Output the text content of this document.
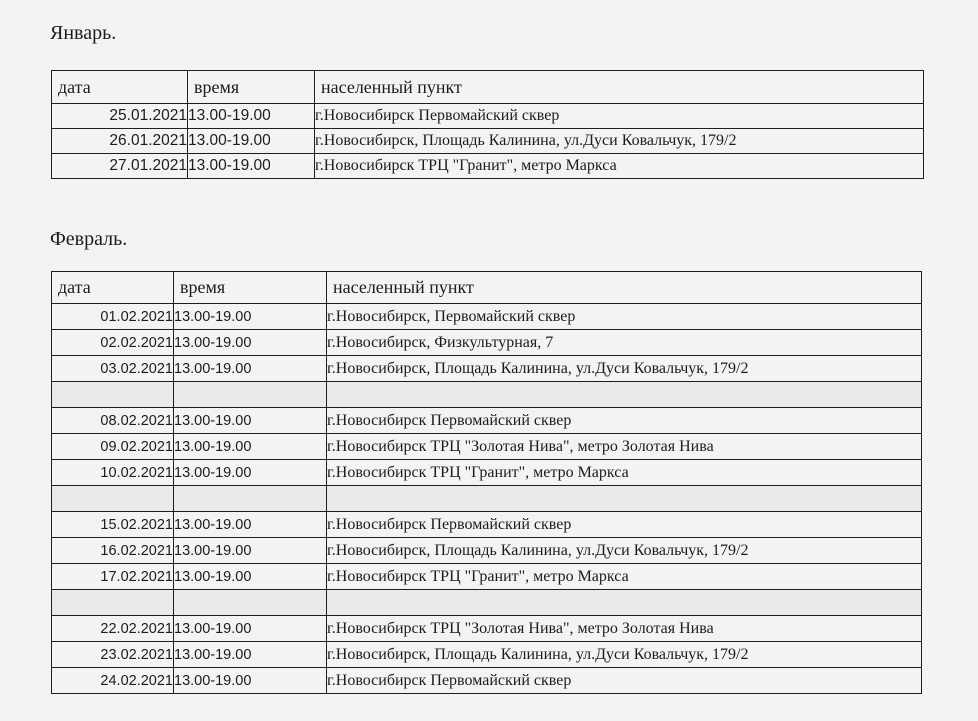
Январь.
дата	время	населенный пункт
25.01.2021	13.00-19.00	г.Новосибирск Первомайский сквер
26.01.2021	13.00-19.00	г.Новосибирск, Площадь Калинина, ул.Дуси Ковальчук, 179/2
27.01.2021	13.00-19.00	г.Новосибирск ТРЦ "Гранит", метро Маркса
Февраль.
дата	время	населенный пункт
01.02.2021	13.00-19.00	г.Новосибирск, Первомайский сквер
02.02.2021	13.00-19.00	г.Новосибирск, Физкультурная, 7
03.02.2021	13.00-19.00	г.Новосибирск, Площадь Калинина, ул.Дуси Ковальчук, 179/2

08.02.2021	13.00-19.00	г.Новосибирск Первомайский сквер
09.02.2021	13.00-19.00	г.Новосибирск ТРЦ "Золотая Нива", метро Золотая Нива
10.02.2021	13.00-19.00	г.Новосибирск ТРЦ "Гранит", метро Маркса

15.02.2021	13.00-19.00	г.Новосибирск Первомайский сквер
16.02.2021	13.00-19.00	г.Новосибирск, Площадь Калинина, ул.Дуси Ковальчук, 179/2
17.02.2021	13.00-19.00	г.Новосибирск ТРЦ "Гранит", метро Маркса

22.02.2021	13.00-19.00	г.Новосибирск ТРЦ "Золотая Нива", метро Золотая Нива
23.02.2021	13.00-19.00	г.Новосибирск, Площадь Калинина, ул.Дуси Ковальчук, 179/2
24.02.2021	13.00-19.00	г.Новосибирск Первомайский сквер
